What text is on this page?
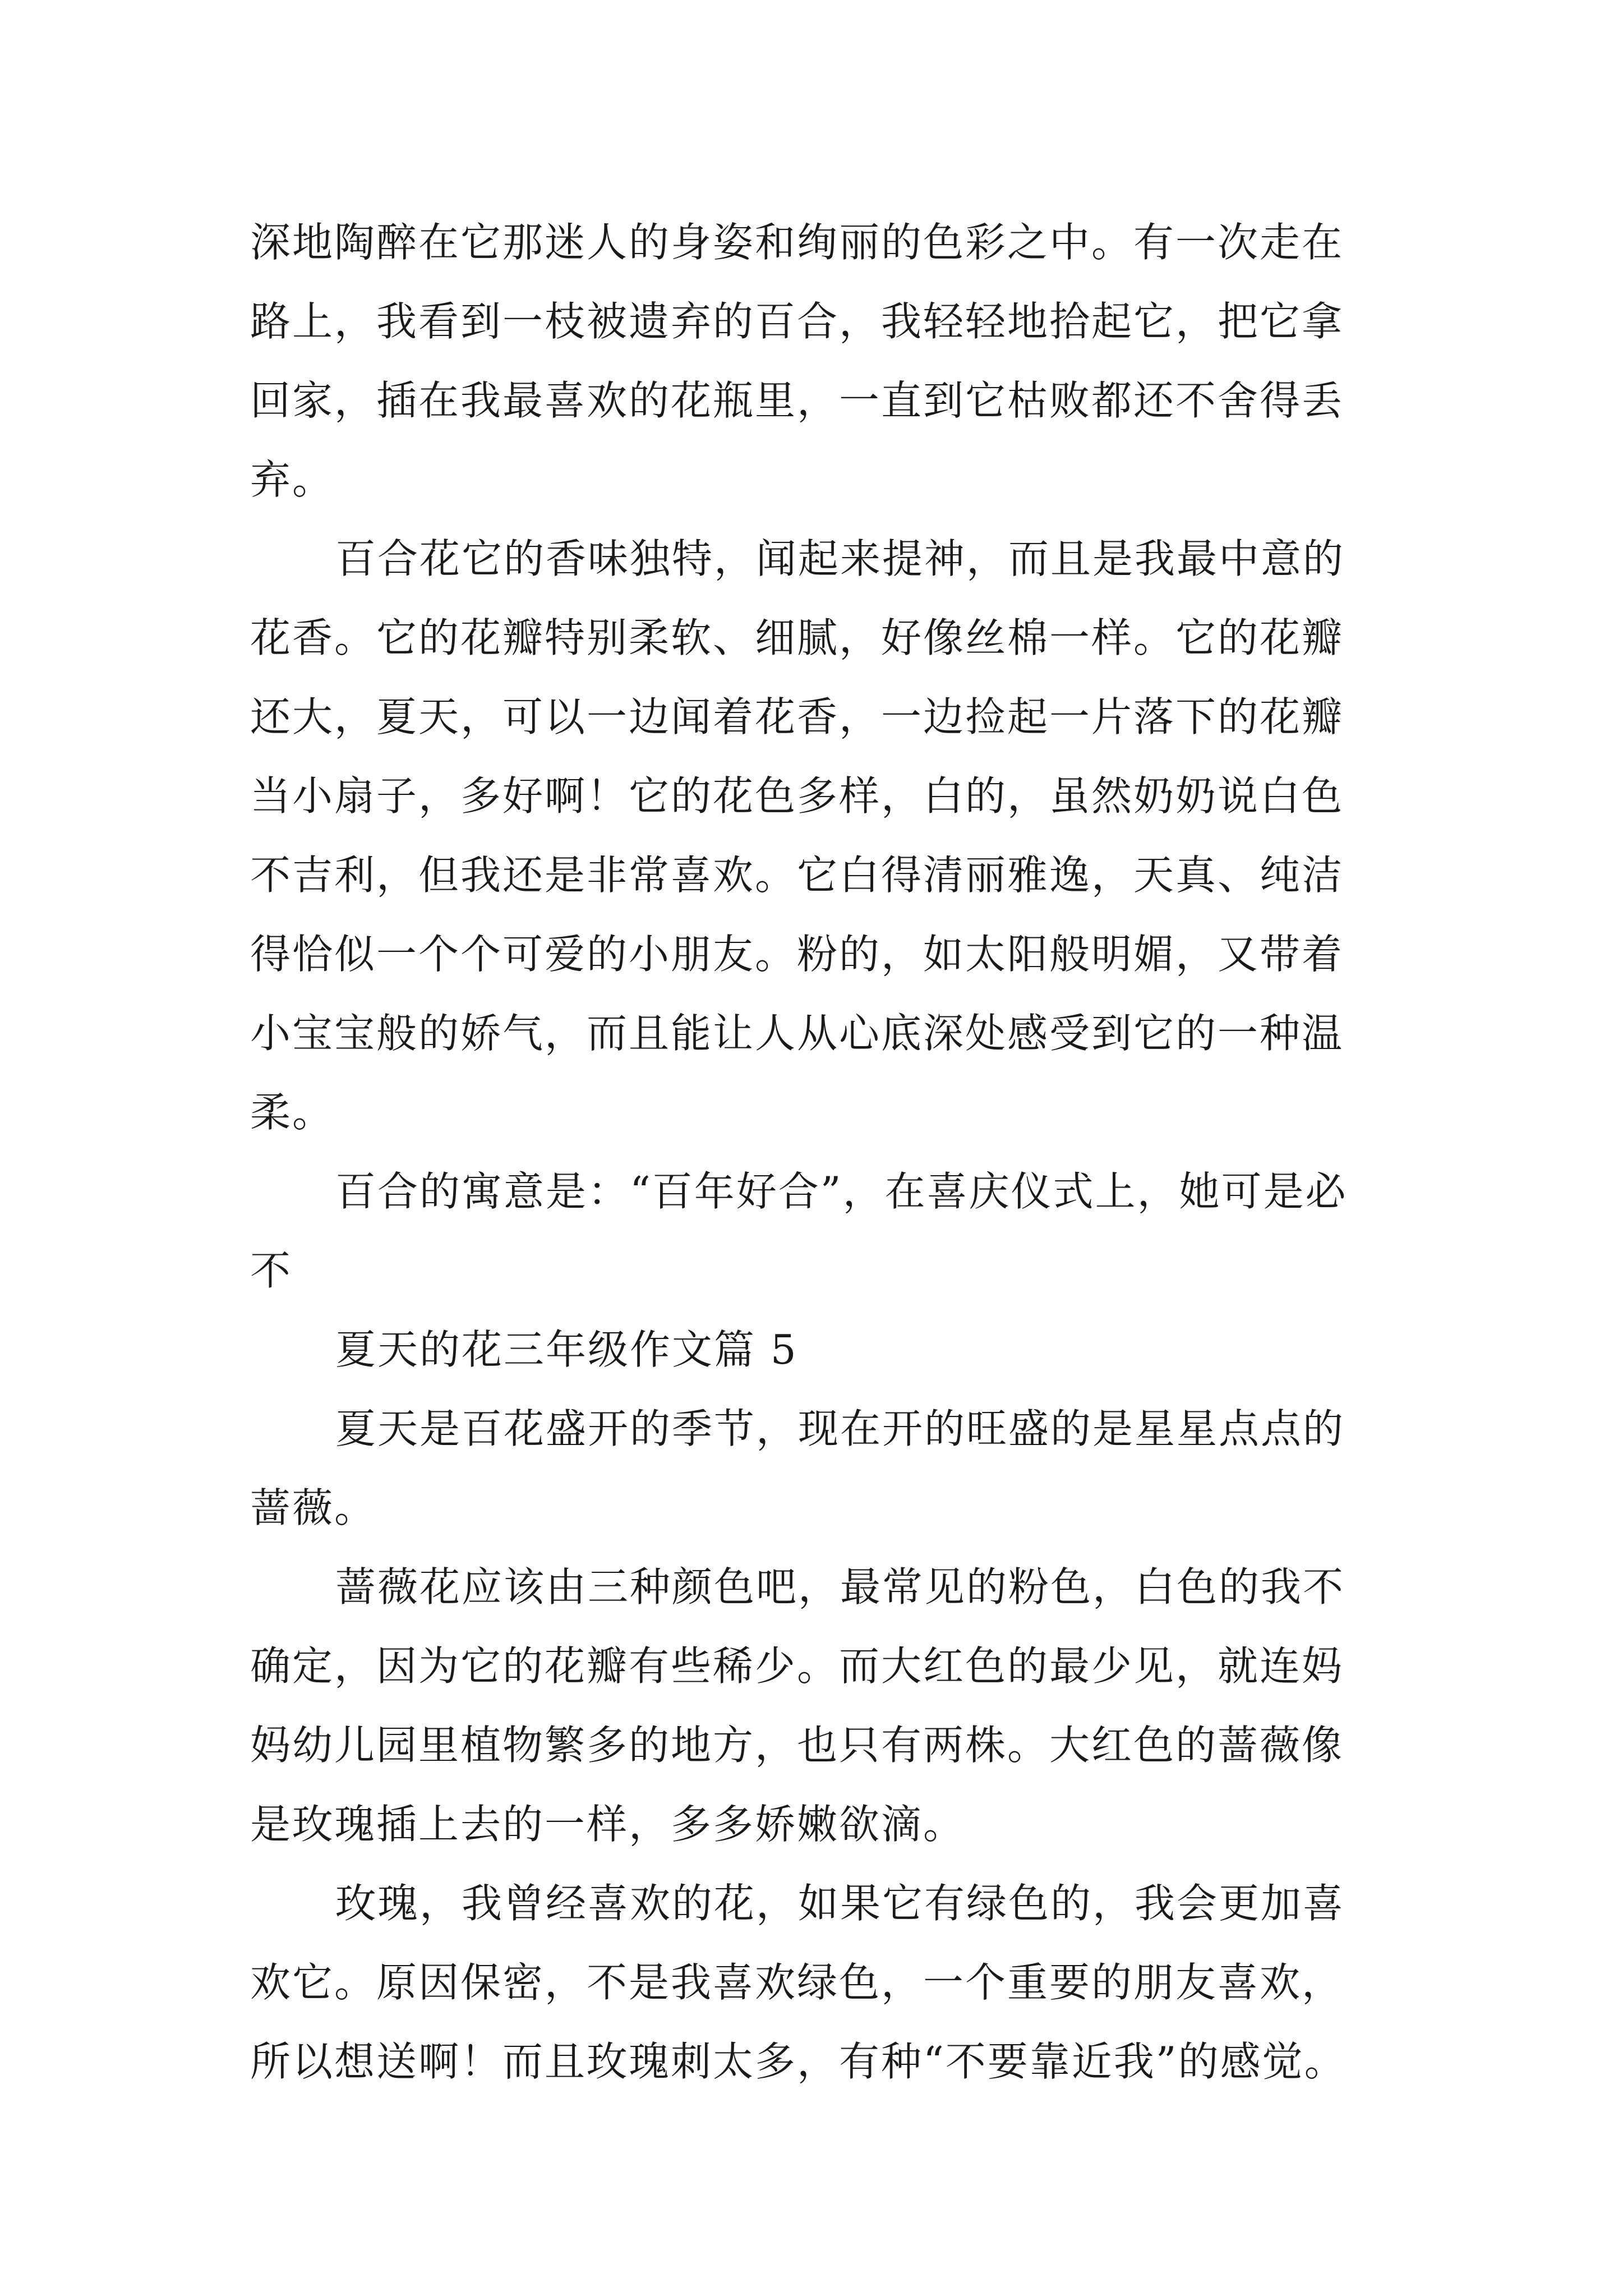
深地陶醉在它那迷人的身姿和绚丽的色彩之中。有一次走在
路上，我看到一枝被遗弃的百合，我轻轻地拾起它，把它拿
回家，插在我最喜欢的花瓶里，一直到它枯败都还不舍得丢
弃。

百合花它的香味独特，闻起来提神，而且是我最中意的
花香。它的花瓣特别柔软、细腻，好像丝棉一样。它的花瓣
还大，夏天，可以一边闻着花香，一边捡起一片落下的花瓣
当小扇子，多好啊！它的花色多样，白的，虽然奶奶说白色
不吉利，但我还是非常喜欢。它白得清丽雅逸，天真、纯洁
得恰似一个个可爱的小朋友。粉的，如太阳般明媚，又带着
小宝宝般的娇气，而且能让人从心底深处感受到它的一种温
柔。

百合的寓意是：“百年好合”，在喜庆仪式上，她可是必
不

夏天的花三年级作文篇 5

夏天是百花盛开的季节，现在开的旺盛的是星星点点的
蔷薇。

蔷薇花应该由三种颜色吧，最常见的粉色，白色的我不
确定，因为它的花瓣有些稀少。而大红色的最少见，就连妈
妈幼儿园里植物繁多的地方，也只有两株。大红色的蔷薇像
是玫瑰插上去的一样，多多娇嫩欲滴。

玫瑰，我曾经喜欢的花，如果它有绿色的，我会更加喜
欢它。原因保密，不是我喜欢绿色，一个重要的朋友喜欢，
所以想送啊！而且玫瑰刺太多，有种“不要靠近我”的感觉。
